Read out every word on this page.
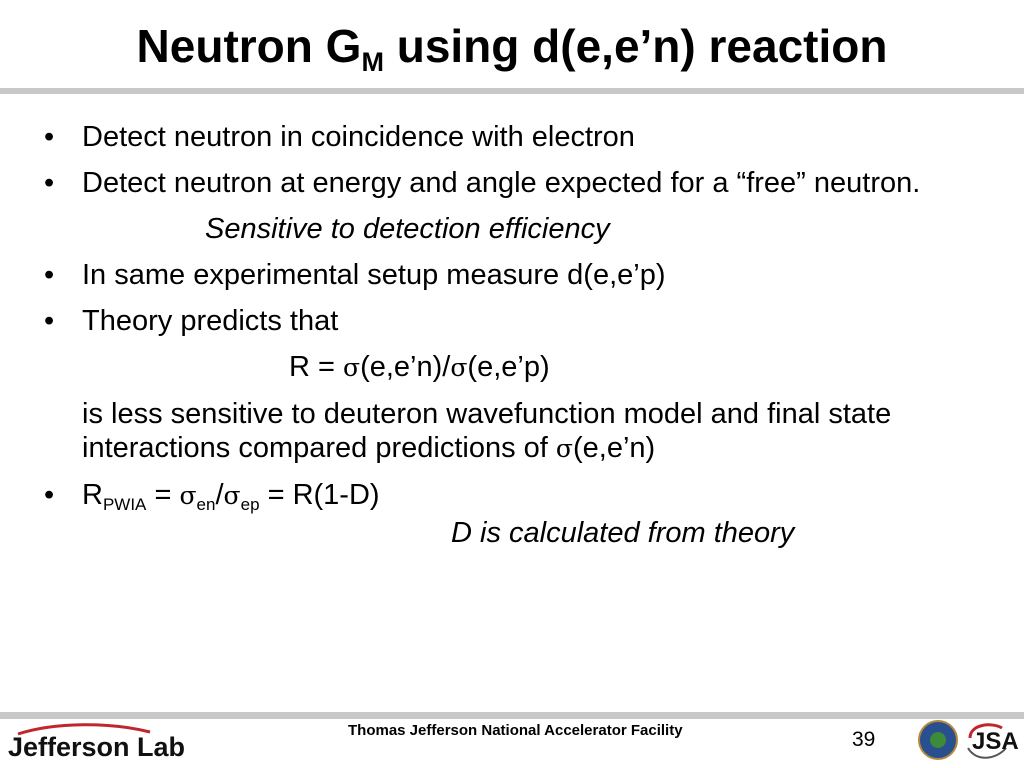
Neutron $G_M$ using d(e,e’n) reaction
• Detect neutron in coincidence with electron
• Detect neutron at energy and angle expected for a “free” neutron.
Sensitive to detection efficiency
• In same experimental setup measure d(e,e’p)
• Theory predicts that
R = σ(e,e’n)/σ(e,e’p)
is less sensitive to deuteron wavefunction model and final state interactions compared predictions of σ(e,e’n)
• $R_{PWIA} = \sigma_{en}/\sigma_{ep} = R(1-D)$
D is calculated from theory
Jefferson Lab
Thomas Jefferson National Accelerator Facility	39	JSA
